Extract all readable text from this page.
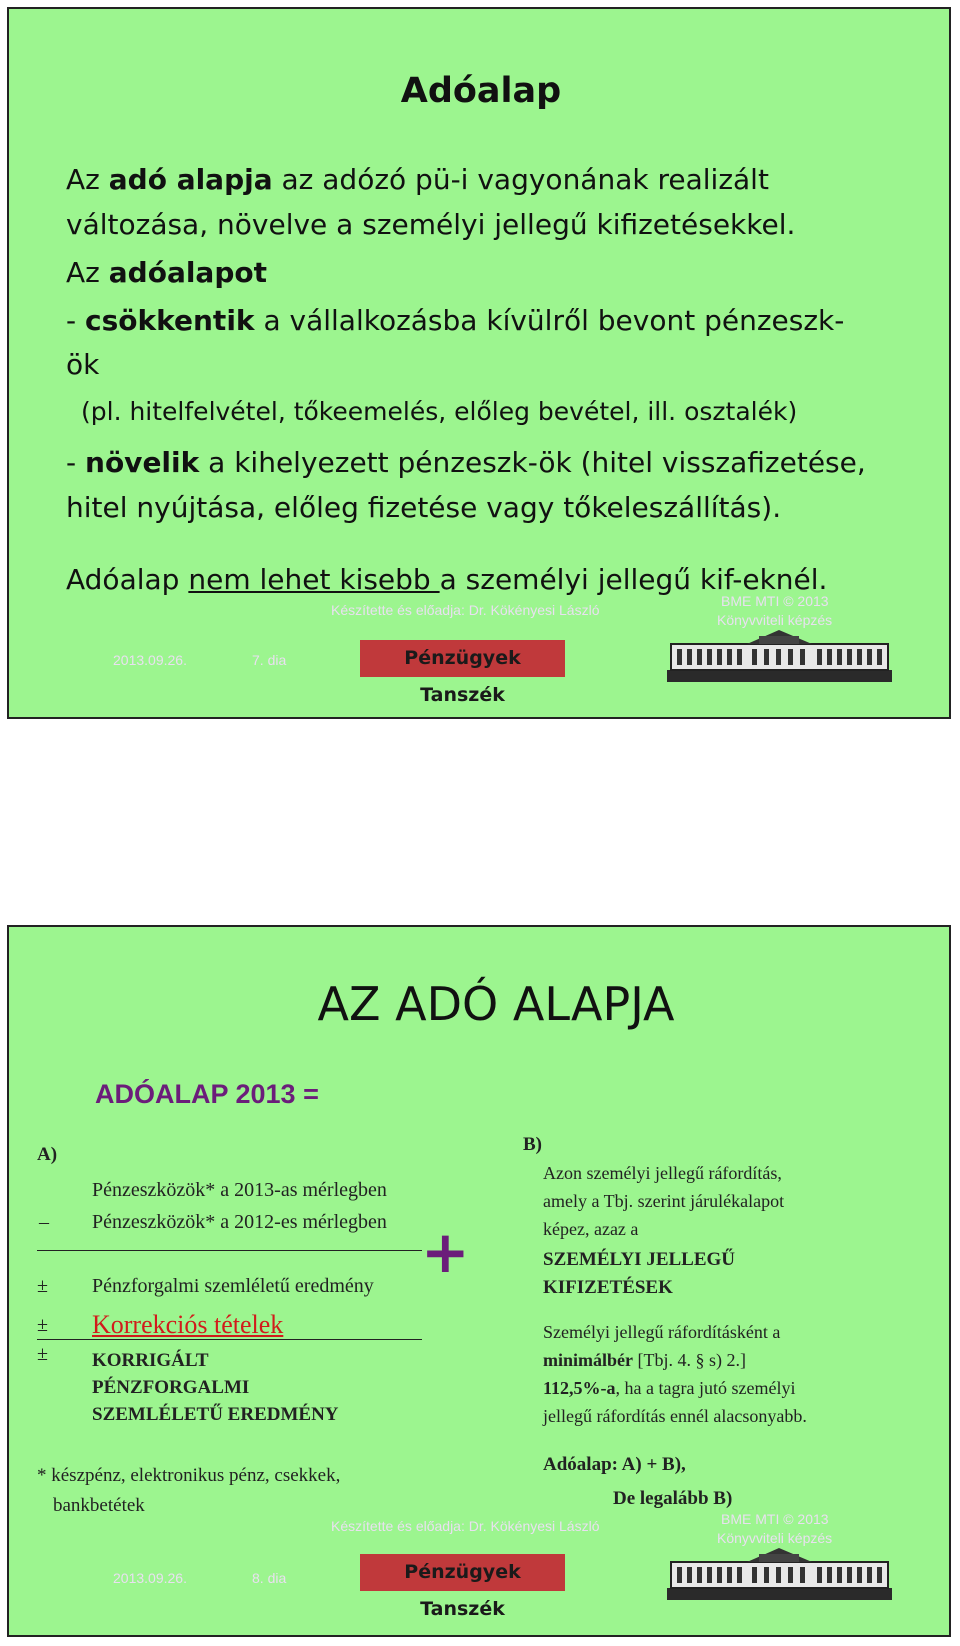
Adóalap
Az adó alapja az adózó pü-i vagyonának realizált
változása, növelve a személyi jellegű kifizetésekkel.
Az adóalapot
- csökkentik a vállalkozásba kívülről bevont pénzeszk-
ök
(pl. hitelfelvétel, tőkeemelés, előleg bevétel, ill. osztalék)
- növelik a kihelyezett pénzeszk-ök (hitel visszafizetése,
hitel nyújtása, előleg fizetése vagy tőkeleszállítás).
Adóalap nem lehet kisebb a személyi jellegű kif-eknél.
Készítette és előadja: Dr. Kökényesi László
BME MTI © 2013
Könyvviteli képzés
2013.09.26.	7. dia	Pénzügyek Tanszék
AZ ADÓ ALAPJA
ADÓALAP 2013 =
A)	B)
Pénzeszközök* a 2013-as mérlegben
– Pénzeszközök* a 2012-es mérlegben
± Pénzforgalmi szemléletű eredmény
± Korrekciós tételek
± KORRIGÁLT
PÉNZFORGALMI
SZEMLÉLETŰ EREDMÉNY
+
Azon személyi jellegű ráfordítás,
amely a Tbj. szerint járulékalapot
képez, azaz a
SZEMÉLYI JELLEGŰ
KIFIZETÉSEK
Személyi jellegű ráfordításként a
minimálbér [Tbj. 4. § s) 2.]
112,5%-a, ha a tagra jutó személyi
jellegű ráfordítás ennél alacsonyabb.
Adóalap: A) + B),
De legalább B)
* készpénz, elektronikus pénz, csekkek,
bankbetétek
Készítette és előadja: Dr. Kökényesi László	BME MTI © 2013
Könyvviteli képzés
2013.09.26.	8. dia	Pénzügyek Tanszék
